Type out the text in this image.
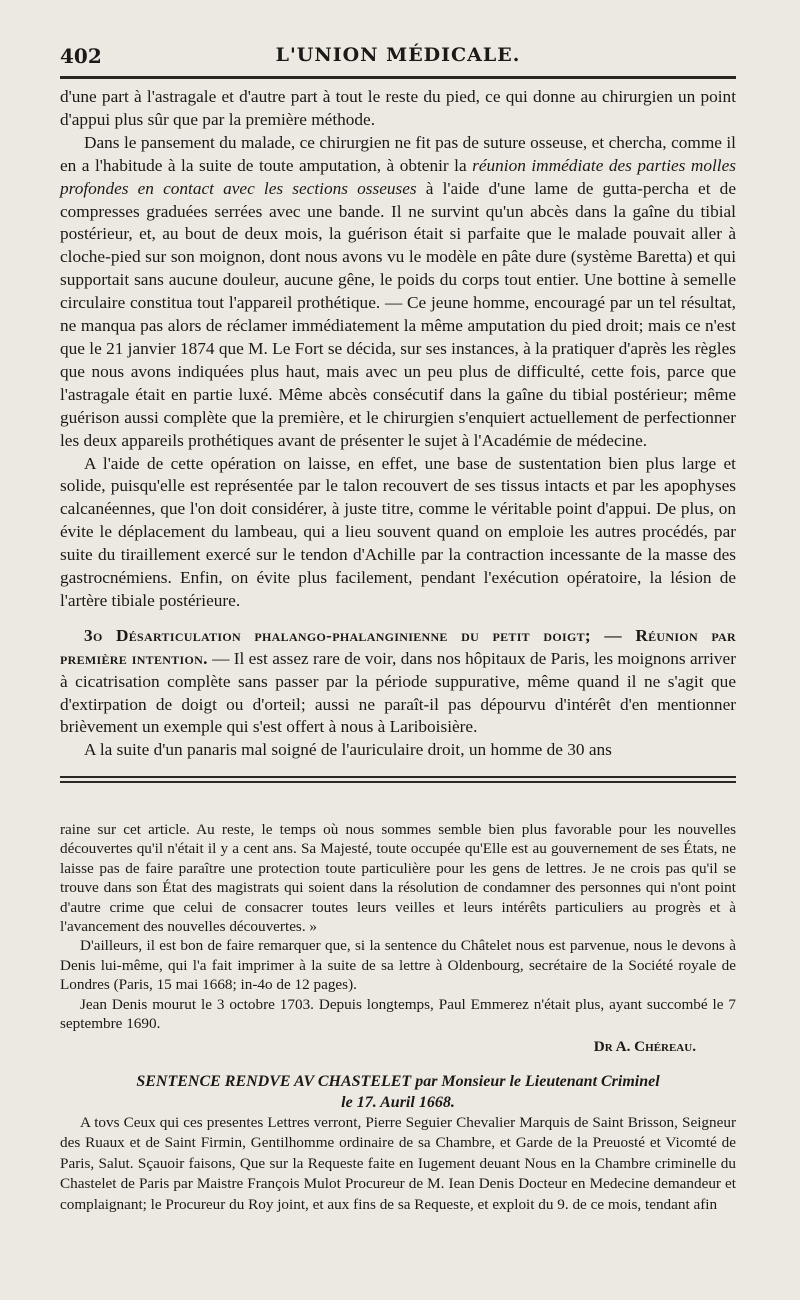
402	L'UNION MÉDICALE.

d'une part à l'astragale et d'autre part à tout le reste du pied, ce qui donne au chirurgien un point d'appui plus sûr que par la première méthode.

Dans le pansement du malade, ce chirurgien ne fit pas de suture osseuse, et chercha, comme il en a l'habitude à la suite de toute amputation, à obtenir la réunion immédiate des parties molles profondes en contact avec les sections osseuses à l'aide d'une lame de gutta-percha et de compresses graduées serrées avec une bande. Il ne survint qu'un abcès dans la gaîne du tibial postérieur, et, au bout de deux mois, la guérison était si parfaite que le malade pouvait aller à cloche-pied sur son moignon, dont nous avons vu le modèle en pâte dure (système Baretta) et qui supportait sans aucune douleur, aucune gêne, le poids du corps tout entier. Une bottine à semelle circulaire constitua tout l'appareil prothétique. — Ce jeune homme, encouragé par un tel résultat, ne manqua pas alors de réclamer immédiatement la même amputation du pied droit; mais ce n'est que le 21 janvier 1874 que M. Le Fort se décida, sur ses instances, à la pratiquer d'après les règles que nous avons indiquées plus haut, mais avec un peu plus de difficulté, cette fois, parce que l'astragale était en partie luxé. Même abcès consécutif dans la gaîne du tibial postérieur; même guérison aussi complète que la première, et le chirurgien s'enquiert actuellement de perfectionner les deux appareils prothétiques avant de présenter le sujet à l'Académie de médecine.

A l'aide de cette opération on laisse, en effet, une base de sustentation bien plus large et solide, puisqu'elle est représentée par le talon recouvert de ses tissus intacts et par les apophyses calcanéennes, que l'on doit considérer, à juste titre, comme le véritable point d'appui. De plus, on évite le déplacement du lambeau, qui a lieu souvent quand on emploie les autres procédés, par suite du tiraillement exercé sur le tendon d'Achille par la contraction incessante de la masse des gastrocnémiens. Enfin, on évite plus facilement, pendant l'exécution opératoire, la lésion de l'artère tibiale postérieure.

3o Désarticulation phalango-phalanginienne du petit doigt; — Réunion par première intention. — Il est assez rare de voir, dans nos hôpitaux de Paris, les moignons arriver à cicatrisation complète sans passer par la période suppurative, même quand il ne s'agit que d'extirpation de doigt ou d'orteil; aussi ne paraît-il pas dépourvu d'intérêt d'en mentionner brièvement un exemple qui s'est offert à nous à Lariboisière.

A la suite d'un panaris mal soigné de l'auriculaire droit, un homme de 30 ans

raine sur cet article. Au reste, le temps où nous sommes semble bien plus favorable pour les nouvelles découvertes qu'il n'était il y a cent ans. Sa Majesté, toute occupée qu'Elle est au gouvernement de ses États, ne laisse pas de faire paraître une protection toute particulière pour les gens de lettres. Je ne crois pas qu'il se trouve dans son État des magistrats qui soient dans la résolution de condamner des personnes qui n'ont point d'autre crime que celui de consacrer toutes leurs veilles et leurs intérêts particuliers au progrès et à l'avancement des nouvelles découvertes. »

D'ailleurs, il est bon de faire remarquer que, si la sentence du Châtelet nous est parvenue, nous le devons à Denis lui-même, qui l'a fait imprimer à la suite de sa lettre à Oldenbourg, secrétaire de la Société royale de Londres (Paris, 15 mai 1668; in-4o de 12 pages).

Jean Denis mourut le 3 octobre 1703. Depuis longtemps, Paul Emmerez n'était plus, ayant succombé le 7 septembre 1690.

Dr A. Chéreau.
SENTENCE RENDVE AV CHASTELET par Monsieur le Lieutenant Criminel
le 17. Auril 1668.

A tovs Ceux qui ces presentes Lettres verront, Pierre Seguier Chevalier Marquis de Saint Brisson, Seigneur des Ruaux et de Saint Firmin, Gentilhomme ordinaire de sa Chambre, et Garde de la Preuosté et Vicomté de Paris, Salut. Sçauoir faisons, Que sur la Requeste faite en Iugement deuant Nous en la Chambre criminelle du Chastelet de Paris par Maistre François Mulot Procureur de M. Iean Denis Docteur en Medecine demandeur et complaignant; le Procureur du Roy joint, et aux fins de sa Requeste, et exploit du 9. de ce mois, tendant afin
